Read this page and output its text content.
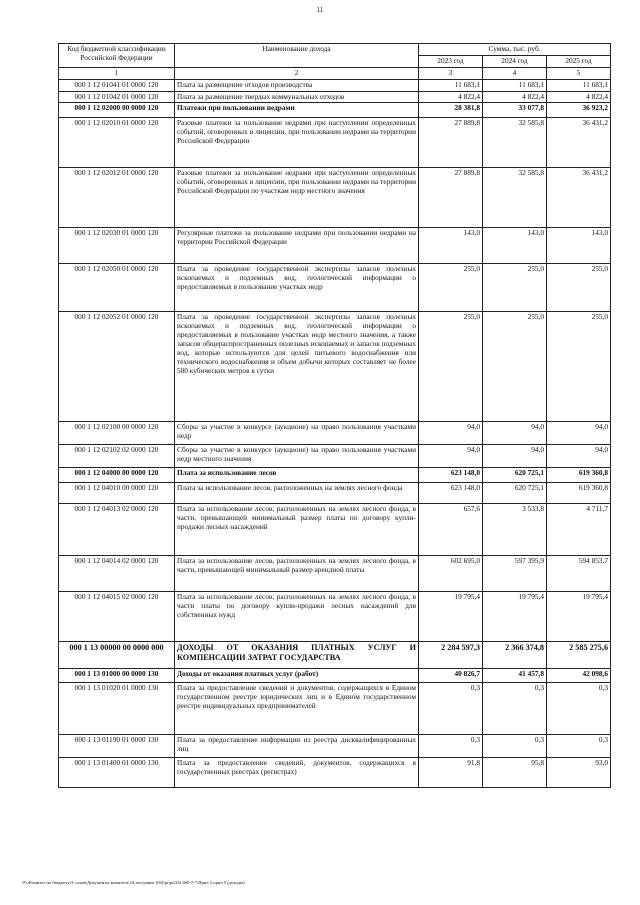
11
Код бюджетной классификации Российской Федерации	Наименование дохода	Сумма, тыс. руб.		
		2023 год	2024 год	2025 год
1	2	3	4	5
000 1 12 01041 01 0000 120	Плата за размещение отходов производства	11 683,1	11 683,1	11 683,1
000 1 12 01042 01 0000 120	Плата за размещение твердых коммунальных отходов	4 822,4	4 822,4	4 822,4
000 1 12 02000 00 0000 120	Платежи при пользовании недрами	28 381,8	33 077,8	36 923,2
000 1 12 02010 01 0000 120	Разовые платежи за пользование недрами при наступлении определенных событий, оговоренных в лицензии, при пользовании недрами на территории Российской Федерации	27 889,8	32 585,8	36 431,2
000 1 12 02012 01 0000 120	Разовые платежи за пользование недрами при наступлении определенных событий, оговоренных в лицензии, при пользовании недрами на территории Российской Федерации по участкам недр местного значения	27 889,8	32 585,8	36 431,2
000 1 12 02030 01 0000 120	Регулярные платежи за пользование недрами при пользовании недрами на территории Российской Федерации	143,0	143,0	143,0
000 1 12 02050 01 0000 120	Плата за проведение государственной экспертизы запасов полезных ископаемых и подземных вод, геологической информации о предоставляемых в пользование участках недр	255,0	255,0	255,0
000 1 12 02052 01 0000 120	Плата за проведение государственной экспертизы запасов полезных ископаемых и подземных вод, геологической информации о предоставляемых в пользование участках недр местного значения, а также запасов общераспространенных полезных ископаемых и запасов подземных вод, которые используются для целей питьевого водоснабжения или технического водоснабжения и объем добычи которых составляет не более 500 кубических метров в сутки	255,0	255,0	255,0
000 1 12 02100 00 0000 120	Сборы за участие в конкурсе (аукционе) на право пользования участками недр	94,0	94,0	94,0
000 1 12 02102 02 0000 120	Сборы за участие в конкурсе (аукционе) на право пользования участками недр местного значения	94,0	94,0	94,0
000 1 12 04000 00 0000 120	Плата за использование лесов	623 148,0	620 725,1	619 360,8
000 1 12 04010 00 0000 120	Плата за использование лесов, расположенных на землях лесного фонда	623 148,0	620 725,1	619 360,8
000 1 12 04013 02 0000 120	Плата за использование лесов, расположенных на землях лесного фонда, в части, превышающей минимальный размер платы по договору купли-продажи лесных насаждений	657,6	3 533,8	4 711,7
000 1 12 04014 02 0000 120	Плата за использование лесов, расположенных на землях лесного фонда, в части, превышающей минимальный размер арендной платы	602 695,0	597 395,9	594 853,7
000 1 12 04015 02 0000 120	Плата за использование лесов, расположенных на землях лесного фонда, в части платы по договору купли-продажи лесных насаждений для собственных нужд	19 795,4	19 795,4	19 795,4
000 1 13 00000 00 0000 000	ДОХОДЫ ОТ ОКАЗАНИЯ ПЛАТНЫХ УСЛУГ И КОМПЕНСАЦИИ ЗАТРАТ ГОСУДАРСТВА	2 284 597,3	2 366 374,8	2 585 275,6
000 1 13 01000 00 0000 130	Доходы от оказания платных услуг (работ)	40 826,7	41 457,8	42 098,6
000 1 13 01020 01 0000 130	Плата за предоставление сведений и документов, содержащихся в Едином государственном реестре юридических лиц и в Едином государственном реестре индивидуальных предпринимателей	0,3	0,3	0,3
000 1 13 01190 01 0000 130	Плата за предоставление информации из реестра дисквалифицированных лиц	0,3	0,3	0,3
000 1 13 01400 01 0000 130	Плата за предоставление сведений, документов, содержащихся в государственных реестрах (регистрах)	91,8	95,8	93,0
\Fs\Комитет по бюджету\3 созыв\Документы комитета\24 заседание (04)\pr\pr(24) 460-7-7\Прил 2 прил 5 (доходы)
